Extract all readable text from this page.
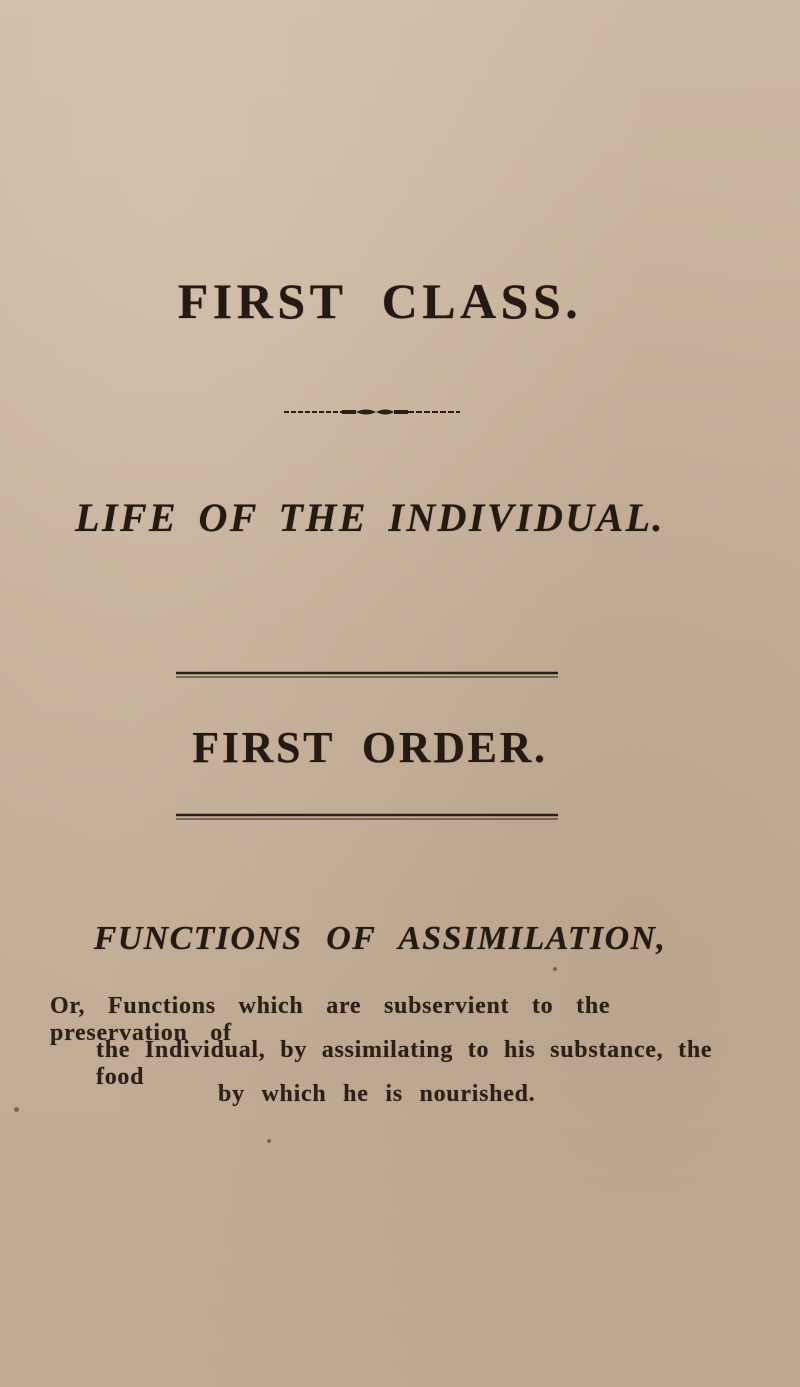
FIRST CLASS.
LIFE OF THE INDIVIDUAL.
FIRST ORDER.
FUNCTIONS OF ASSIMILATION,

Or, Functions which are subservient to the preservation of

the Individual, by assimilating to his substance, the food

by which he is nourished.
